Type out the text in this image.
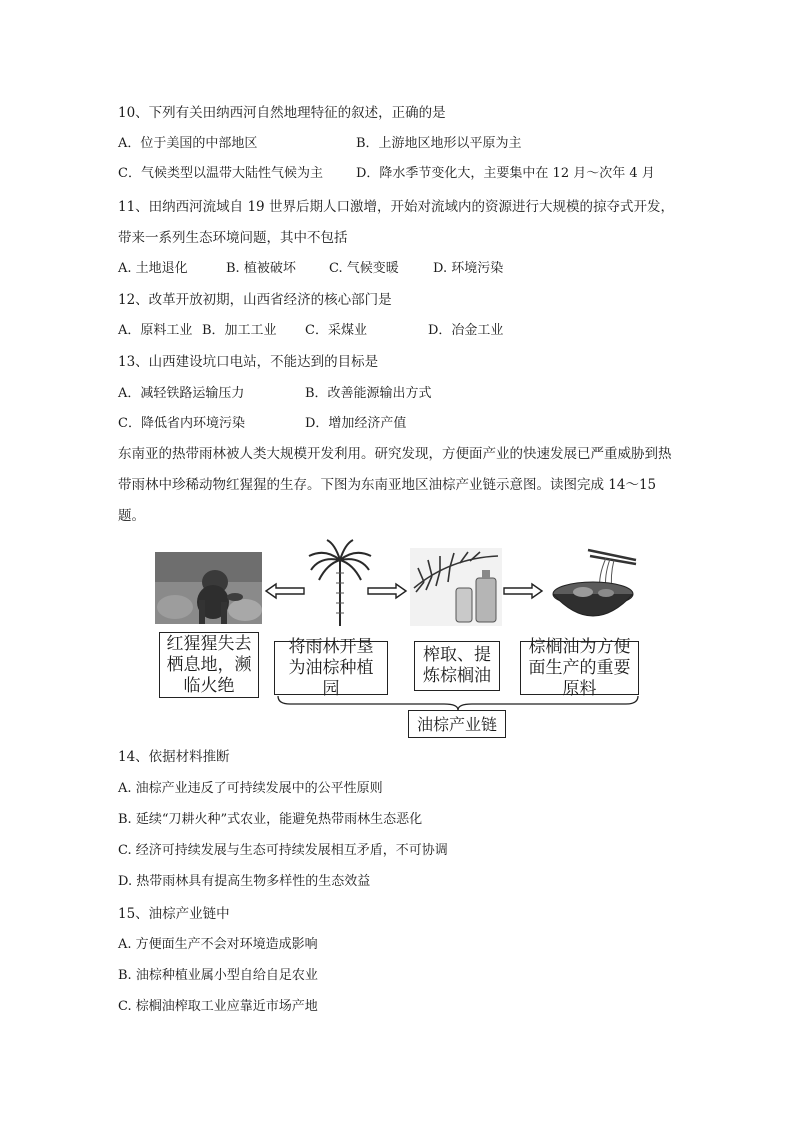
10、下列有关田纳西河自然地理特征的叙述，正确的是
A．位于美国的中部地区	B．上游地区地形以平原为主
C．气候类型以温带大陆性气候为主	D．降水季节变化大，主要集中在 12 月～次年 4 月
11、田纳西河流域自 19 世界后期人口激增，开始对流域内的资源进行大规模的掠夺式开发，
带来一系列生态环境问题，其中不包括
A. 土地退化	B. 植被破坏	C. 气候变暖	D. 环境污染
12、改革开放初期，山西省经济的核心部门是
A．原料工业 B．加工工业 C．采煤业	D．冶金工业
13、山西建设坑口电站，不能达到的目标是
A．减轻铁路运输压力	B．改善能源输出方式
C．降低省内环境污染	D．增加经济产值
东南亚的热带雨林被人类大规模开发利用。研究发现，方便面产业的快速发展已严重威胁到热带雨林中珍稀动物红猩猩的生存。下图为东南亚地区油棕产业链示意图。读图完成 14～15 题。
红猩猩失去栖息地，濒临火绝
将雨林开垦为油棕种植园
榨取、提炼棕榈油
棕榈油为方便面生产的重要原料
油棕产业链
14、依据材料推断
A. 油棕产业违反了可持续发展中的公平性原则
B. 延续“刀耕火种”式农业，能避免热带雨林生态恶化
C. 经济可持续发展与生态可持续发展相互矛盾，不可协调
D. 热带雨林具有提高生物多样性的生态效益
15、油棕产业链中
A. 方便面生产不会对环境造成影响
B. 油棕种植业属小型自给自足农业
C. 棕榈油榨取工业应靠近市场产地
